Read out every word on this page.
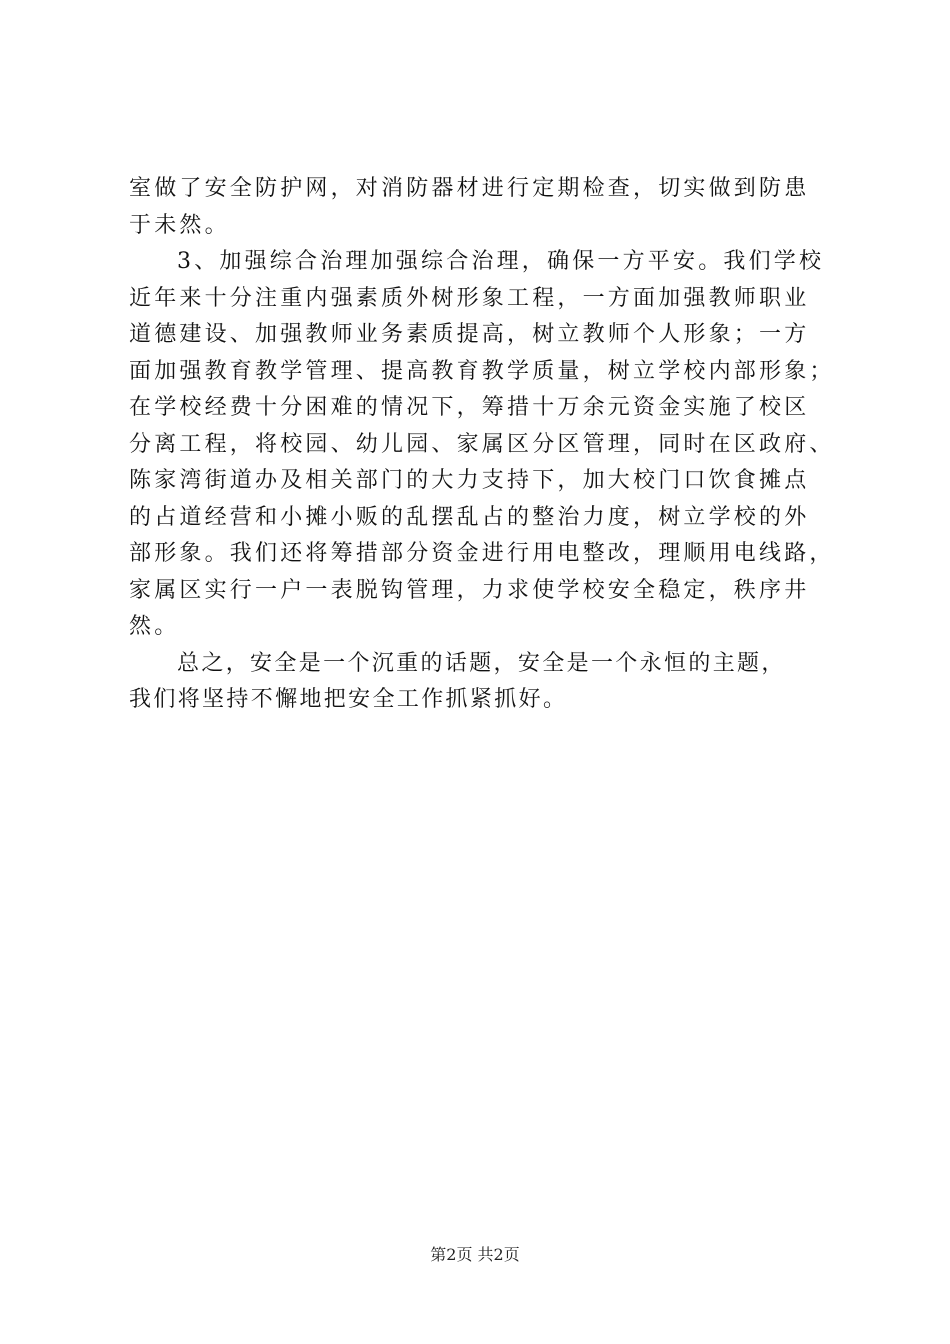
室做了安全防护网，对消防器材进行定期检查，切实做到防患
于未然。
3、加强综合治理加强综合治理，确保一方平安。我们学校
近年来十分注重内强素质外树形象工程，一方面加强教师职业
道德建设、加强教师业务素质提高，树立教师个人形象；一方
面加强教育教学管理、提高教育教学质量，树立学校内部形象；
在学校经费十分困难的情况下，筹措十万余元资金实施了校区
分离工程，将校园、幼儿园、家属区分区管理，同时在区政府、
陈家湾街道办及相关部门的大力支持下，加大校门口饮食摊点
的占道经营和小摊小贩的乱摆乱占的整治力度，树立学校的外
部形象。我们还将筹措部分资金进行用电整改，理顺用电线路，
家属区实行一户一表脱钩管理，力求使学校安全稳定，秩序井
然。
总之，安全是一个沉重的话题，安全是一个永恒的主题，
我们将坚持不懈地把安全工作抓紧抓好。
第2页 共2页
